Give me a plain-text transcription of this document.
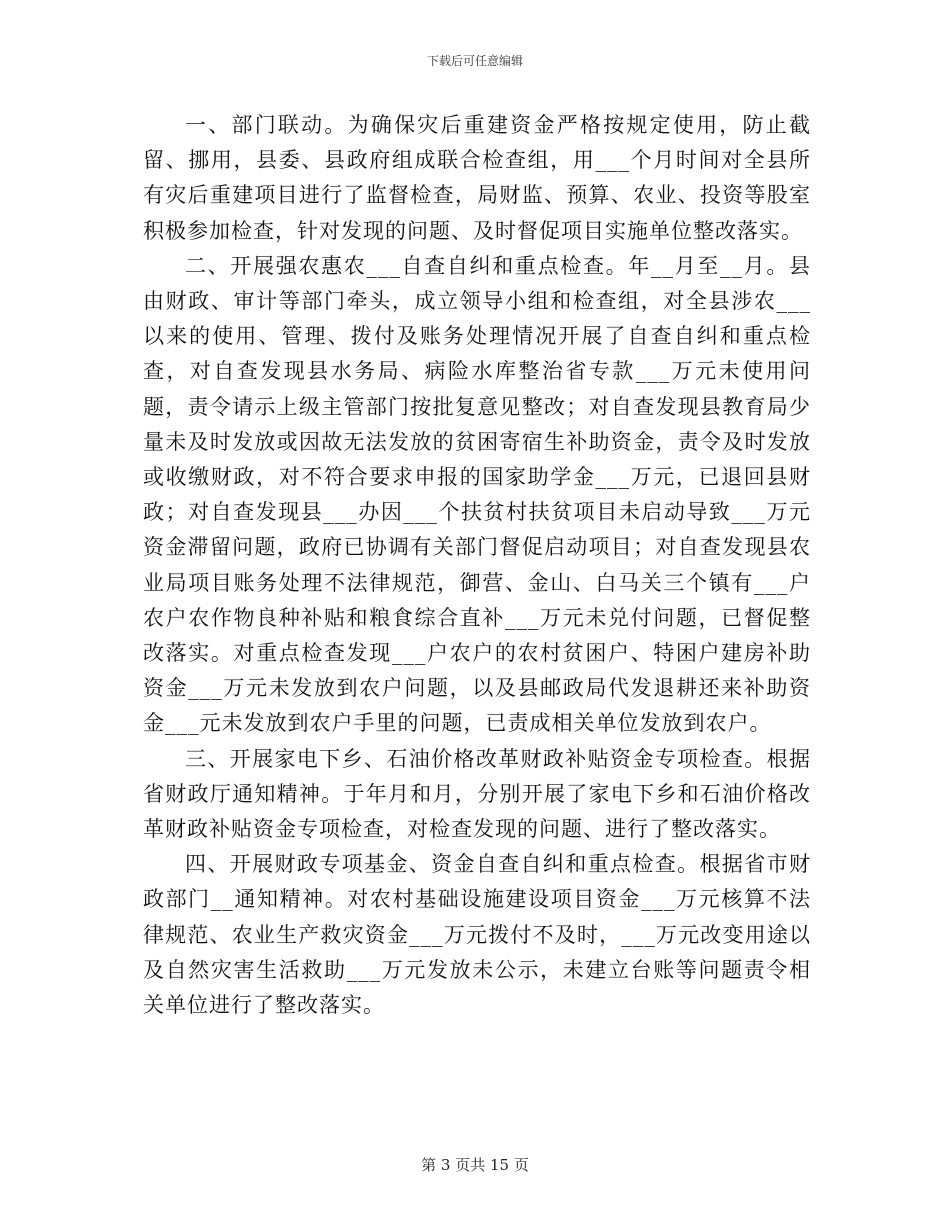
下载后可任意编辑

一、部门联动。为确保灾后重建资金严格按规定使用，防止截留、挪用，县委、县政府组成联合检查组，用___个月时间对全县所有灾后重建项目进行了监督检查，局财监、预算、农业、投资等股室积极参加检查，针对发现的问题、及时督促项目实施单位整改落实。

二、开展强农惠农___自查自纠和重点检查。年__月至__月。县由财政、审计等部门牵头，成立领导小组和检查组，对全县涉农___以来的使用、管理、拨付及账务处理情况开展了自查自纠和重点检查，对自查发现县水务局、病险水库整治省专款___万元未使用问题，责令请示上级主管部门按批复意见整改；对自查发现县教育局少量未及时发放或因故无法发放的贫困寄宿生补助资金，责令及时发放或收缴财政，对不符合要求申报的国家助学金___万元，已退回县财政；对自查发现县___办因___个扶贫村扶贫项目未启动导致___万元资金滞留问题，政府已协调有关部门督促启动项目；对自查发现县农业局项目账务处理不法律规范，御营、金山、白马关三个镇有___户农户农作物良种补贴和粮食综合直补___万元未兑付问题，已督促整改落实。对重点检查发现___户农户的农村贫困户、特困户建房补助资金___万元未发放到农户问题，以及县邮政局代发退耕还来补助资金___元未发放到农户手里的问题，已责成相关单位发放到农户。

三、开展家电下乡、石油价格改革财政补贴资金专项检查。根据省财政厅通知精神。于年月和月，分别开展了家电下乡和石油价格改革财政补贴资金专项检查，对检查发现的问题、进行了整改落实。

四、开展财政专项基金、资金自查自纠和重点检查。根据省市财政部门__通知精神。对农村基础设施建设项目资金___万元核算不法律规范、农业生产救灾资金___万元拨付不及时，___万元改变用途以及自然灾害生活救助___万元发放未公示，未建立台账等问题责令相关单位进行了整改落实。

第 3 页共 15 页
